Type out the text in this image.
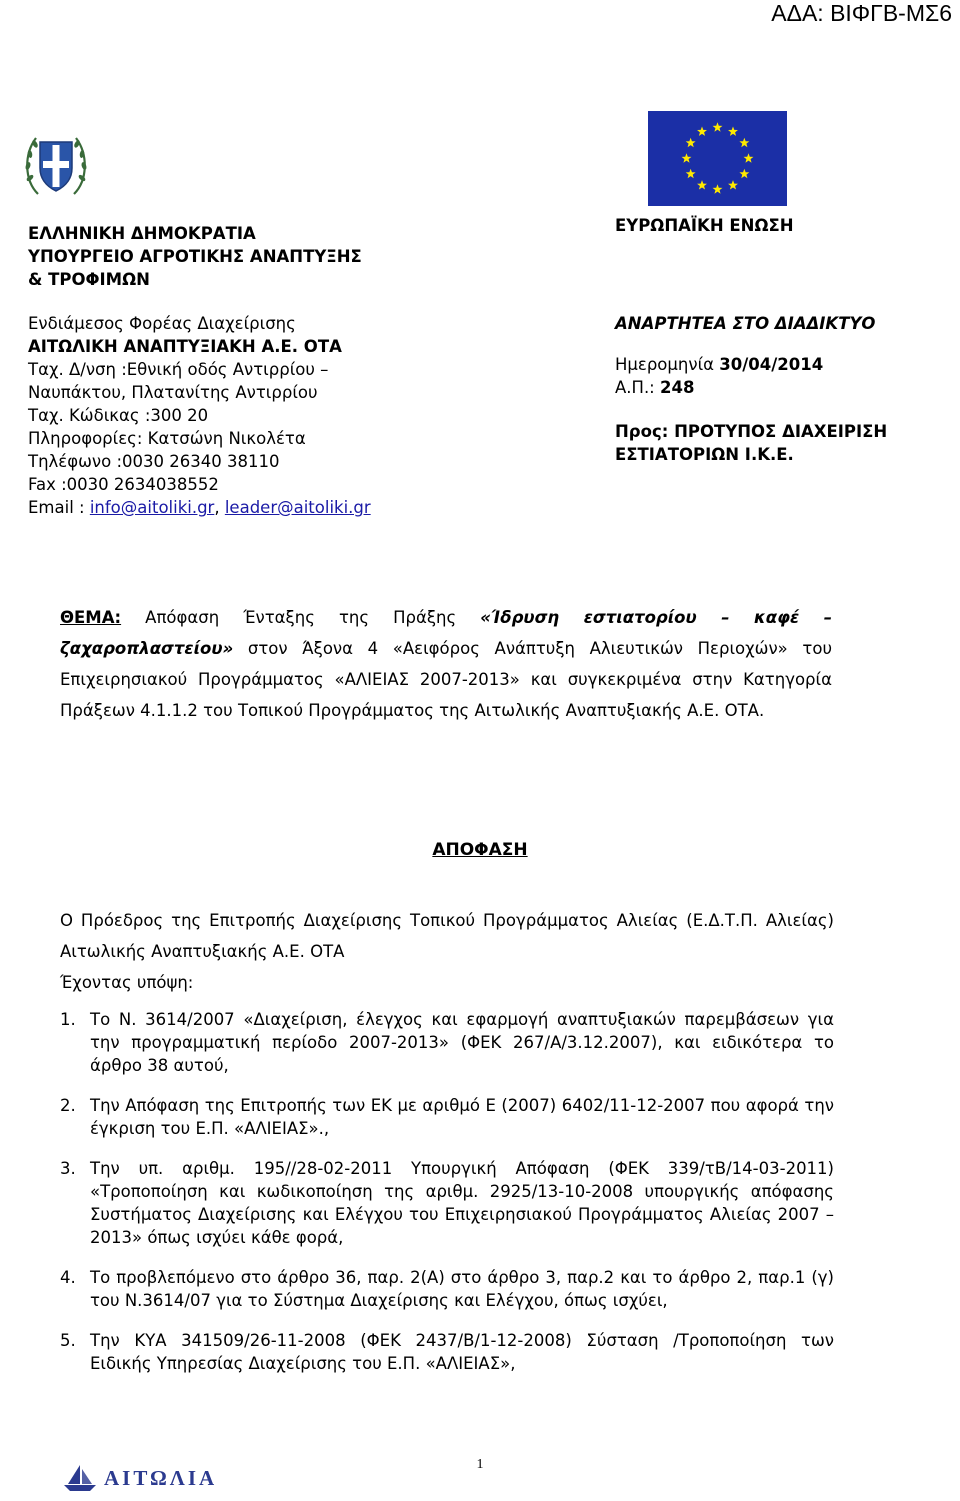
ΑΔΑ: ΒΙΦΓΒ-ΜΣ6
ΕΛΛΗΝΙΚΗ ΔΗΜΟΚΡΑΤΙΑ
ΥΠΟΥΡΓΕΙΟ ΑΓΡΟΤΙΚΗΣ ΑΝΑΠΤΥΞΗΣ
& ΤΡΟΦΙΜΩΝ
Ενδιάμεσος Φορέας Διαχείρισης
ΑΙΤΩΛΙΚΗ ΑΝΑΠΤΥΞΙΑΚΗ Α.Ε. ΟΤΑ
Ταχ. Δ/νση :Εθνική οδός Αντιρρίου –
Ναυπάκτου, Πλατανίτης Αντιρρίου
Ταχ. Κώδικας :300 20
Πληροφορίες: Κατσώνη Νικολέτα
Τηλέφωνο :0030 26340 38110
Fax :0030 2634038552
Email : info@aitoliki.gr, leader@aitoliki.gr
ΕΥΡΩΠΑΪΚΗ ΕΝΩΣΗ
ΑΝΑΡΤΗΤΕΑ ΣΤΟ ΔΙΑΔΙΚΤΥΟ
Ημερομηνία 30/04/2014
Α.Π.: 248
Προς: ΠΡΟΤΥΠΟΣ ΔΙΑΧΕΙΡΙΣΗ
ΕΣΤΙΑΤΟΡΙΩΝ Ι.Κ.Ε.
ΘΕΜΑ: Απόφαση Ένταξης της Πράξης «Ίδρυση εστιατορίου – καφέ – ζαχαροπλαστείου» στον Άξονα 4 «Αειφόρος Ανάπτυξη Αλιευτικών Περιοχών» του Επιχειρησιακού Προγράμματος «ΑΛΙΕΙΑΣ 2007-2013» και συγκεκριμένα στην Κατηγορία Πράξεων 4.1.1.2 του Τοπικού Προγράμματος της Αιτωλικής Αναπτυξιακής Α.Ε. ΟΤΑ.
ΑΠΟΦΑΣΗ
Ο Πρόεδρος της Επιτροπής Διαχείρισης Τοπικού Προγράμματος Αλιείας (Ε.Δ.Τ.Π. Αλιείας) Αιτωλικής Αναπτυξιακής Α.Ε. ΟΤΑ
Έχοντας υπόψη:
1. Το Ν. 3614/2007 «Διαχείριση, έλεγχος και εφαρμογή αναπτυξιακών παρεμβάσεων για την προγραμματική περίοδο 2007-2013» (ΦΕΚ 267/Α/3.12.2007), και ειδικότερα το άρθρο 38 αυτού,
2. Την Απόφαση της Επιτροπής των ΕΚ με αριθμό Ε (2007) 6402/11-12-2007 που αφορά την έγκριση του Ε.Π. «ΑΛΙΕΙΑΣ».,
3. Την υπ. αριθμ. 195//28-02-2011 Υπουργική Απόφαση (ΦΕΚ 339/τΒ/14-03-2011) «Τροποποίηση και κωδικοποίηση της αριθμ. 2925/13-10-2008 υπουργικής απόφασης Συστήματος Διαχείρισης και Ελέγχου του Επιχειρησιακού Προγράμματος Αλιείας 2007 – 2013» όπως ισχύει κάθε φορά,
4. Το προβλεπόμενο στο άρθρο 36, παρ. 2(Α) στο άρθρο 3, παρ.2 και το άρθρο 2, παρ.1 (γ) του Ν.3614/07 για το Σύστημα Διαχείρισης και Ελέγχου, όπως ισχύει,
5. Την ΚΥΑ 341509/26-11-2008 (ΦΕΚ 2437/Β/1-12-2008) Σύσταση /Τροποποίηση των Ειδικής Υπηρεσίας Διαχείρισης του Ε.Π. «ΑΛΙΕΙΑΣ»,
1
ΑΙΤΩΛΙΑ
